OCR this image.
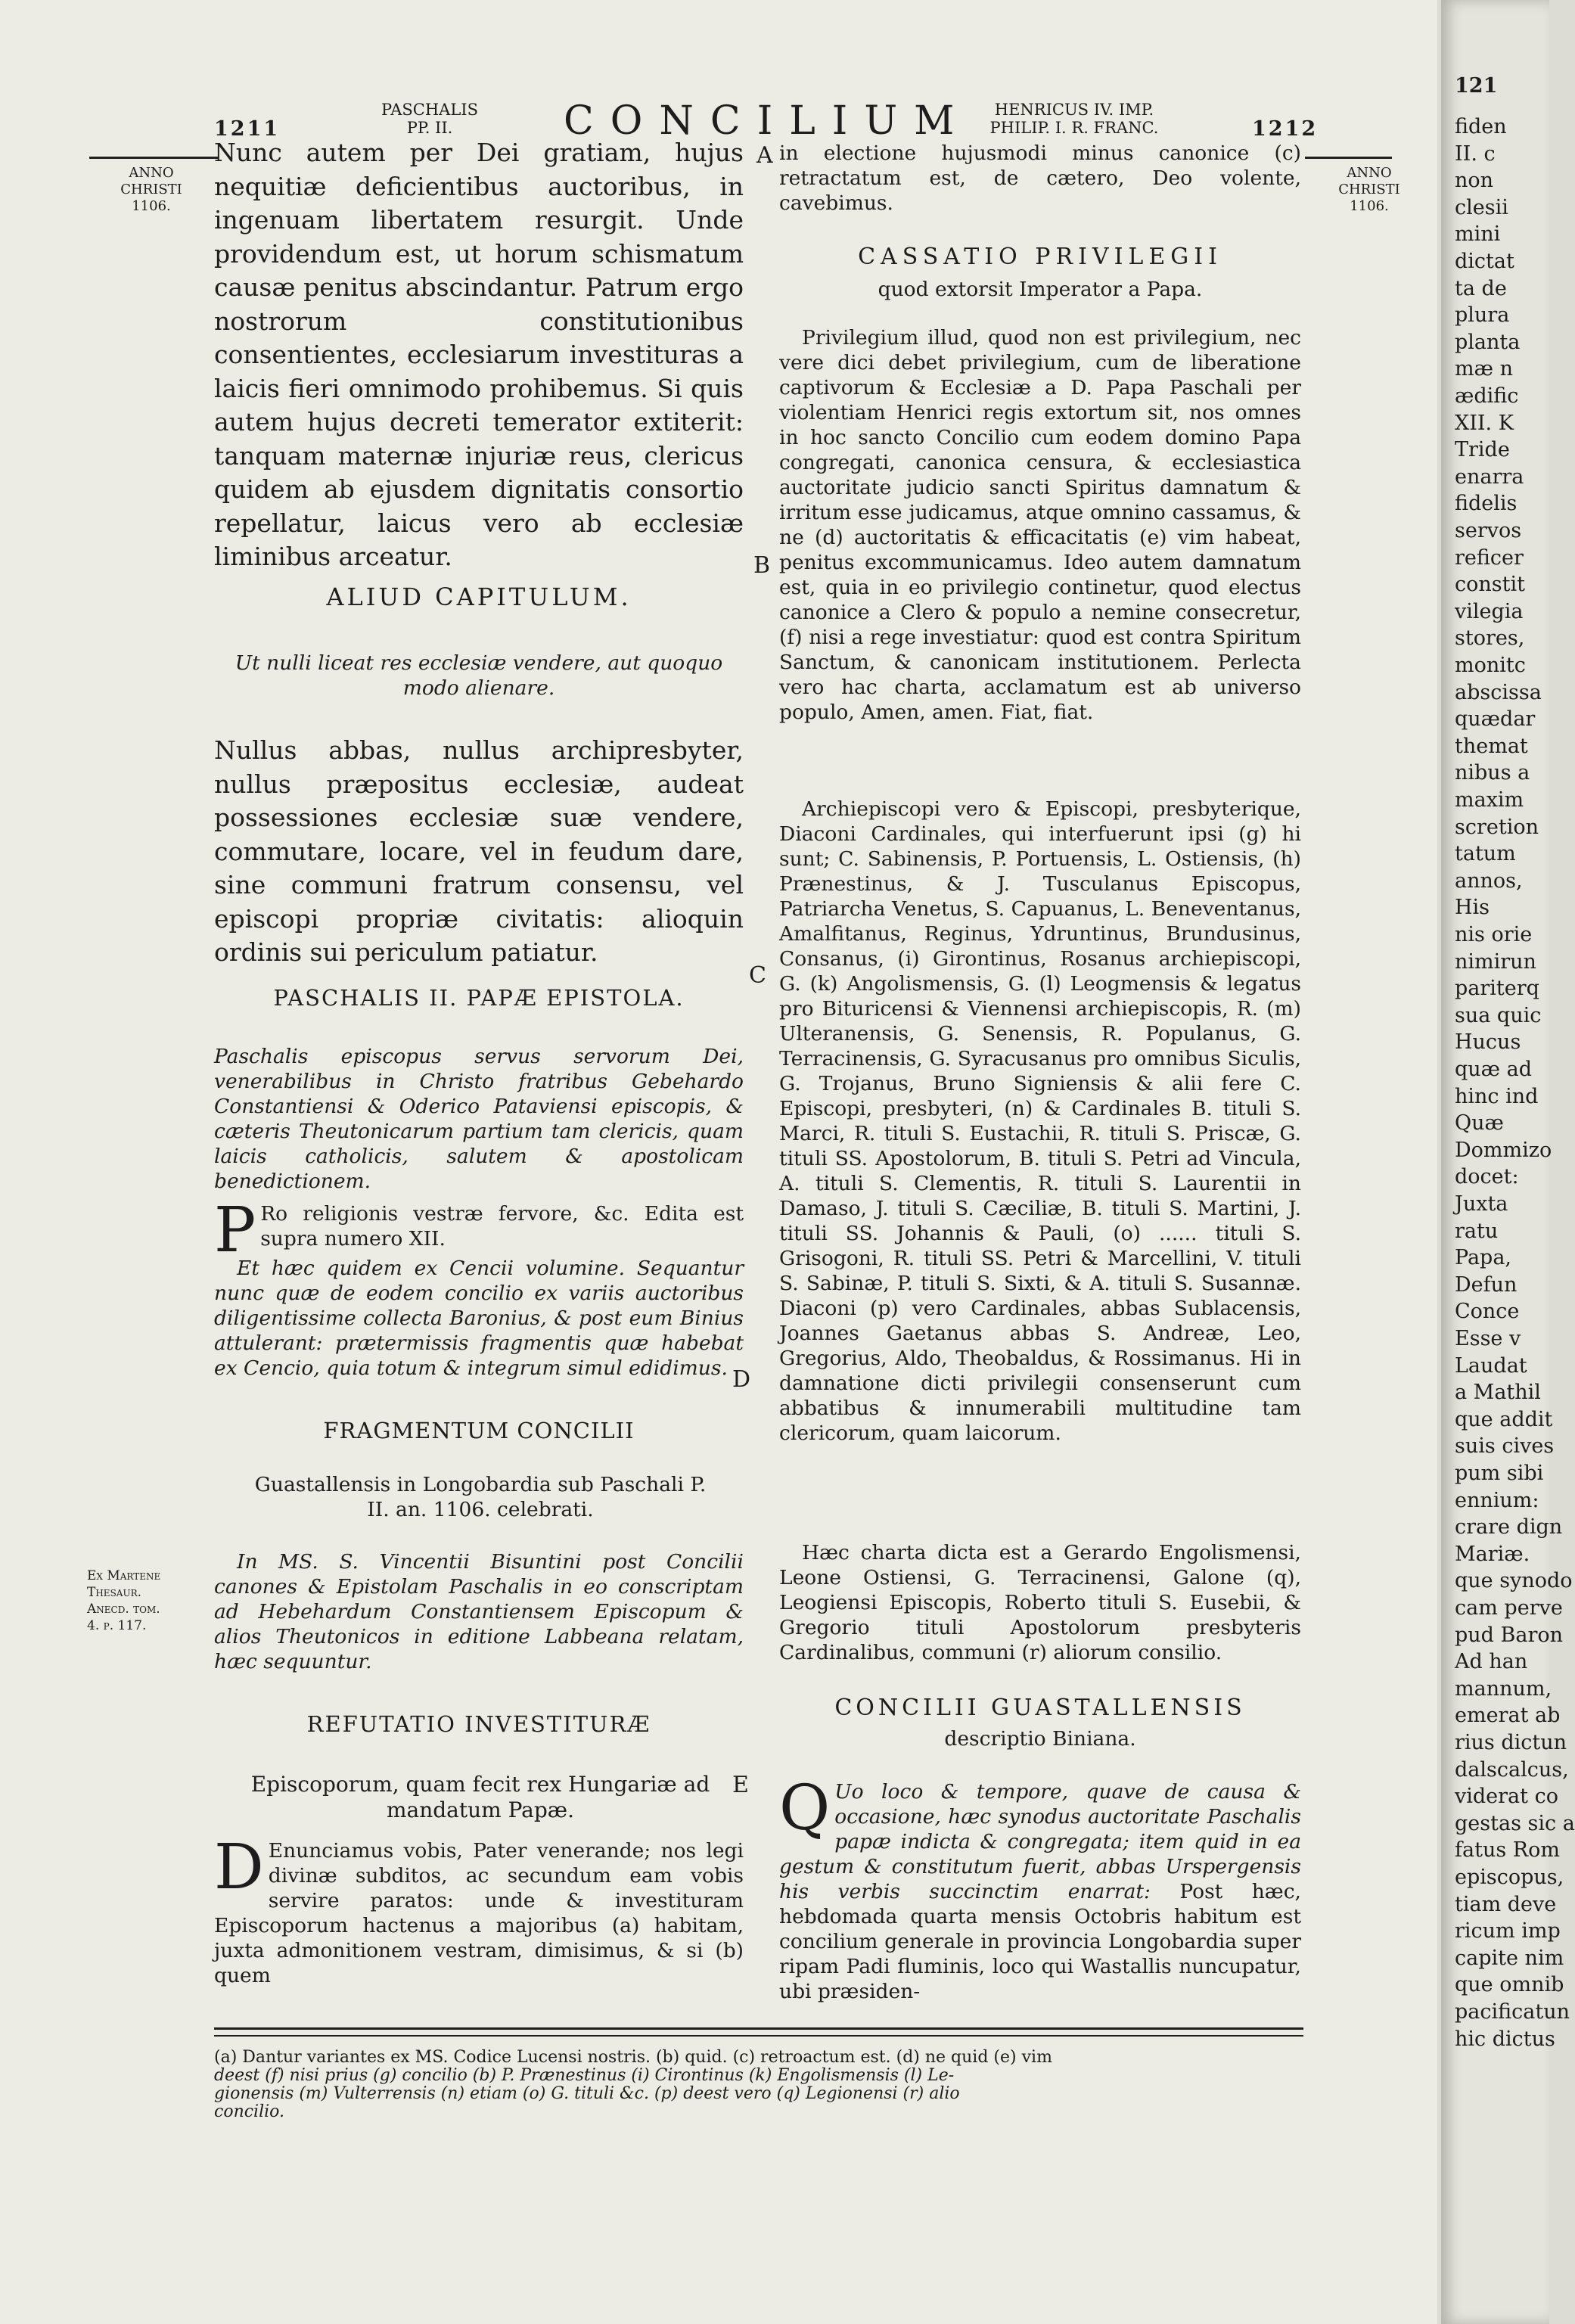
1211
PASCHALIS
PP. II.	CONCILIUM	HENRICUS IV. IMP.
PHILIP. I. R. FRANC.	1212
ANNO
CHRISTI
1106.
ANNO
CHRISTI
1106.
Ex Martene
Thesaur.
Anecd. tom.
4. p. 117.
A
B
C
D
E
Nunc autem per Dei gratiam, hujus nequitiæ deficientibus auctoribus, in ingenuam libertatem resurgit. Unde providendum est, ut horum schismatum causæ penitus abscindantur. Patrum ergo nostrorum constitutionibus consentientes, ecclesiarum investituras a laicis fieri omnimodo prohibemus. Si quis autem hujus decreti temerator extiterit: tanquam maternæ injuriæ reus, clericus quidem ab ejusdem dignitatis consortio repellatur, laicus vero ab ecclesiæ liminibus arceatur.
ALIUD CAPITULUM.
Ut nulli liceat res ecclesiæ vendere, aut quoquo modo alienare.
Nullus abbas, nullus archipresbyter, nullus præpositus ecclesiæ, audeat possessiones ecclesiæ suæ vendere, commutare, locare, vel in feudum dare, sine communi fratrum consensu, vel episcopi propriæ civitatis: alioquin ordinis sui periculum patiatur.
PASCHALIS II. PAPÆ EPISTOLA.
Paschalis episcopus servus servorum Dei, venerabilibus in Christo fratribus Gebehardo Constantiensi & Oderico Pataviensi episcopis, & cæteris Theutonicarum partium tam clericis, quam laicis catholicis, salutem & apostolicam benedictionem.
P Ro religionis vestræ fervore, &c. Edita est supra numero XII.
Et hæc quidem ex Cencii volumine. Sequantur nunc quæ de eodem concilio ex variis auctoribus diligentissime collecta Baronius, & post eum Binius attulerant: prætermissis fragmentis quæ habebat ex Cencio, quia totum & integrum simul edidimus.
FRAGMENTUM CONCILII
Guastallensis in Longobardia sub Paschali P. II. an. 1106. celebrati.
In MS. S. Vincentii Bisuntini post Concilii canones & Epistolam Paschalis in eo conscriptam ad Hebehardum Constantiensem Episcopum & alios Theutonicos in editione Labbeana relatam, hæc sequuntur.
REFUTATIO INVESTITURÆ
Episcoporum, quam fecit rex Hungariæ ad mandatum Papæ.
D Enunciamus vobis, Pater venerande; nos legi divinæ subditos, ac secundum eam vobis servire paratos: unde & investituram Episcoporum hactenus a majoribus (a) habitam, juxta admonitionem vestram, dimisimus, & si (b) quem
in electione hujusmodi minus canonice (c) retractatum est, de cætero, Deo volente, cavebimus.
CASSATIO PRIVILEGII
quod extorsit Imperator a Papa.
Privilegium illud, quod non est privilegium, nec vere dici debet privilegium, cum de liberatione captivorum & Ecclesiæ a D. Papa Paschali per violentiam Henrici regis extortum sit, nos omnes in hoc sancto Concilio cum eodem domino Papa congregati, canonica censura, & ecclesiastica auctoritate judicio sancti Spiritus damnatum & irritum esse judicamus, atque omnino cassamus, & ne (d) auctoritatis & efficacitatis (e) vim habeat, penitus excommunicamus. Ideo autem damnatum est, quia in eo privilegio continetur, quod electus canonice a Clero & populo a nemine consecretur, (f) nisi a rege investiatur: quod est contra Spiritum Sanctum, & canonicam institutionem. Perlecta vero hac charta, acclamatum est ab universo populo, Amen, amen. Fiat, fiat.
Archiepiscopi vero & Episcopi, presbyterique, Diaconi Cardinales, qui interfuerunt ipsi (g) hi sunt; C. Sabinensis, P. Portuensis, L. Ostiensis, (h) Prænestinus, & J. Tusculanus Episcopus, Patriarcha Venetus, S. Capuanus, L. Beneventanus, Amalfitanus, Reginus, Ydruntinus, Brundusinus, Consanus, (i) Girontinus, Rosanus archiepiscopi, G. (k) Angolismensis, G. (l) Leogmensis & legatus pro Bituricensi & Viennensi archiepiscopis, R. (m) Ulteranensis, G. Senensis, R. Populanus, G. Terracinensis, G. Syracusanus pro omnibus Siculis, G. Trojanus, Bruno Signiensis & alii fere C. Episcopi, presbyteri, (n) & Cardinales B. tituli S. Marci, R. tituli S. Eustachii, R. tituli S. Priscæ, G. tituli SS. Apostolorum, B. tituli S. Petri ad Vincula, A. tituli S. Clementis, R. tituli S. Laurentii in Damaso, J. tituli S. Cæciliæ, B. tituli S. Martini, J. tituli SS. Johannis & Pauli, (o) ...... tituli S. Grisogoni, R. tituli SS. Petri & Marcellini, V. tituli S. Sabinæ, P. tituli S. Sixti, & A. tituli S. Susannæ. Diaconi (p) vero Cardinales, abbas Sublacensis, Joannes Gaetanus abbas S. Andreæ, Leo, Gregorius, Aldo, Theobaldus, & Rossimanus. Hi in damnatione dicti privilegii consenserunt cum abbatibus & innumerabili multitudine tam clericorum, quam laicorum.
Hæc charta dicta est a Gerardo Engolismensi, Leone Ostiensi, G. Terracinensi, Galone (q), Leogiensi Episcopis, Roberto tituli S. Eusebii, & Gregorio tituli Apostolorum presbyteris Cardinalibus, communi (r) aliorum consilio.
CONCILII GUASTALLENSIS
descriptio Biniana.
Q Uo loco & tempore, quave de causa & occasione, hæc synodus auctoritate Paschalis papæ indicta & congregata; item quid in ea gestum & constitutum fuerit, abbas Urspergensis his verbis succinctim enarrat: Post hæc, hebdomada quarta mensis Octobris habitum est concilium generale in provincia Longobardia super ripam Padi fluminis, loco qui Wastallis nuncupatur, ubi præsiden-
(a) Dantur variantes ex MS. Codice Lucensi nostris. (b) quid. (c) retroactum est. (d) ne quid (e) vim
deest (f) nisi prius (g) concilio (b) P. Prænestinus (i) Cirontinus (k) Engolismensis (l) Le-
gionensis (m) Vulterrensis (n) etiam (o) G. tituli &c. (p) deest vero (q) Legionensi (r) alio
concilio.
121
fiden
II. c
non
clesii
mini
dictat
ta de
plura
planta
mæ n
ædific
XII. K
Tride
enarra
fidelis
servos
reficer
constit
vilegia
stores,
monitc
abscissa
quædar
themat
nibus a
maxim
scretion
tatum
annos,
His
nis orie
nimirun
pariterq
sua quic
Hucus
quæ ad
hinc ind
Quæ
Dommizo
docet:
Juxta
ratu
Papa,
Defun
Conce
Esse v
Laudat
a Mathil
que addit
suis cives
pum sibi
ennium:
crare dign
Mariæ.
que synodo
cam perve
pud Baron
Ad han
mannum,
emerat ab
rius dictun
dalscalcus,
viderat co
gestas sic a
fatus Rom
episcopus,
tiam deve
ricum imp
capite nim
que omnib
pacificatun
hic dictus
